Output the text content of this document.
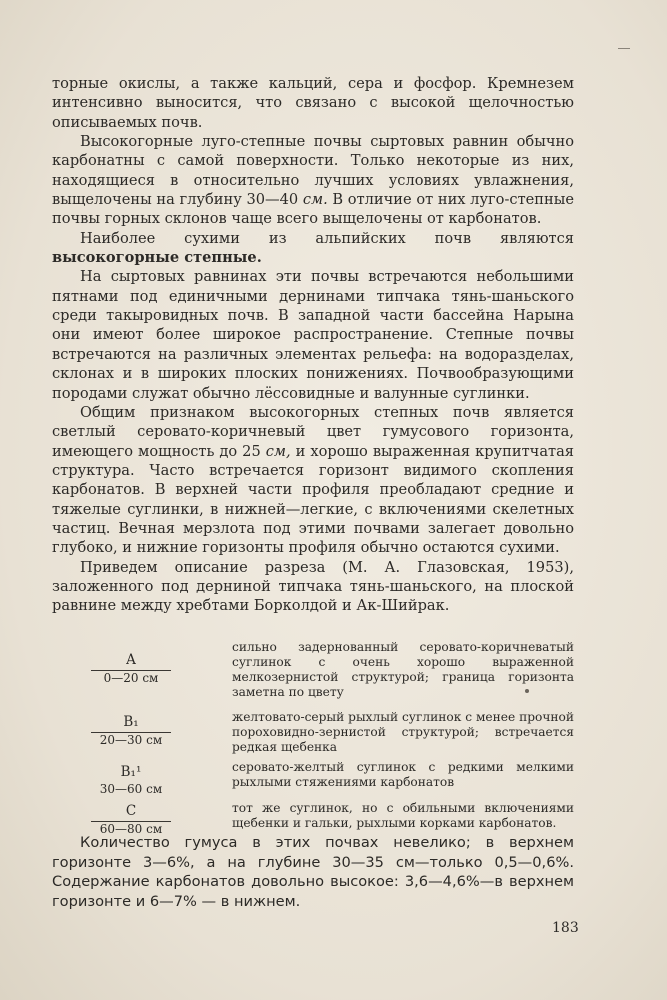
торные окислы, а также кальций, сера и фосфор. Кремнезем интенсивно выносится, что связано с высокой щелочностью описываемых почв.

Высокогорные луго-степные почвы сыртовых равнин обычно карбонатны с самой поверхности. Только некоторые из них, находящиеся в относительно лучших условиях увлажнения, выщелочены на глубину 30—40 см. В отличие от них луго-степные почвы горных склонов чаще всего выщелочены от карбонатов.

Наиболее сухими из альпийских почв являются высокогорные степные.

На сыртовых равнинах эти почвы встречаются небольшими пятнами под единичными дернинами типчака тянь-шаньского среди такыровидных почв. В западной части бассейна Нарына они имеют более широкое распространение. Степные почвы встречаются на различных элементах рельефа: на водоразделах, склонах и в широких плоских понижениях. Почвообразующими породами служат обычно лёссовидные и валунные суглинки.

Общим признаком высокогорных степных почв является светлый серовато-коричневый цвет гумусового горизонта, имеющего мощность до 25 см, и хорошо выраженная крупитчатая структура. Часто встречается горизонт видимого скопления карбонатов. В верхней части профиля преобладают средние и тяжелые суглинки, в нижней—легкие, с включениями скелетных частиц. Вечная мерзлота под этими почвами залегает довольно глубоко, и нижние горизонты профиля обычно остаются сухими.

Приведем описание разреза (М. А. Глазовская, 1953), заложенного под дерниной типчака тянь-шаньского, на плоской равнине между хребтами Борколдой и Ак-Шийрак.

A
0—20 см
сильно задернованный серовато-коричневатый суглинок с очень хорошо выраженной мелкозернистой структурой; граница горизонта заметна по цвету
B₁
20—30 см
желтовато-серый рыхлый суглинок с менее прочной пороховидно-зернистой структурой; встречается редкая щебенка
B₁¹
30—60 см
серовато-желтый суглинок с редкими мелкими рыхлыми стяжениями карбонатов
C
60—80 см
тот же суглинок, но с обильными включениями щебенки и гальки, рыхлыми корками карбонатов.

Количество гумуса в этих почвах невелико; в верхнем горизонте 3—6%, а на глубине 30—35 см—только 0,5—0,6%. Содержание карбонатов довольно высокое: 3,6—4,6%—в верхнем горизонте и 6—7% — в нижнем.

183
